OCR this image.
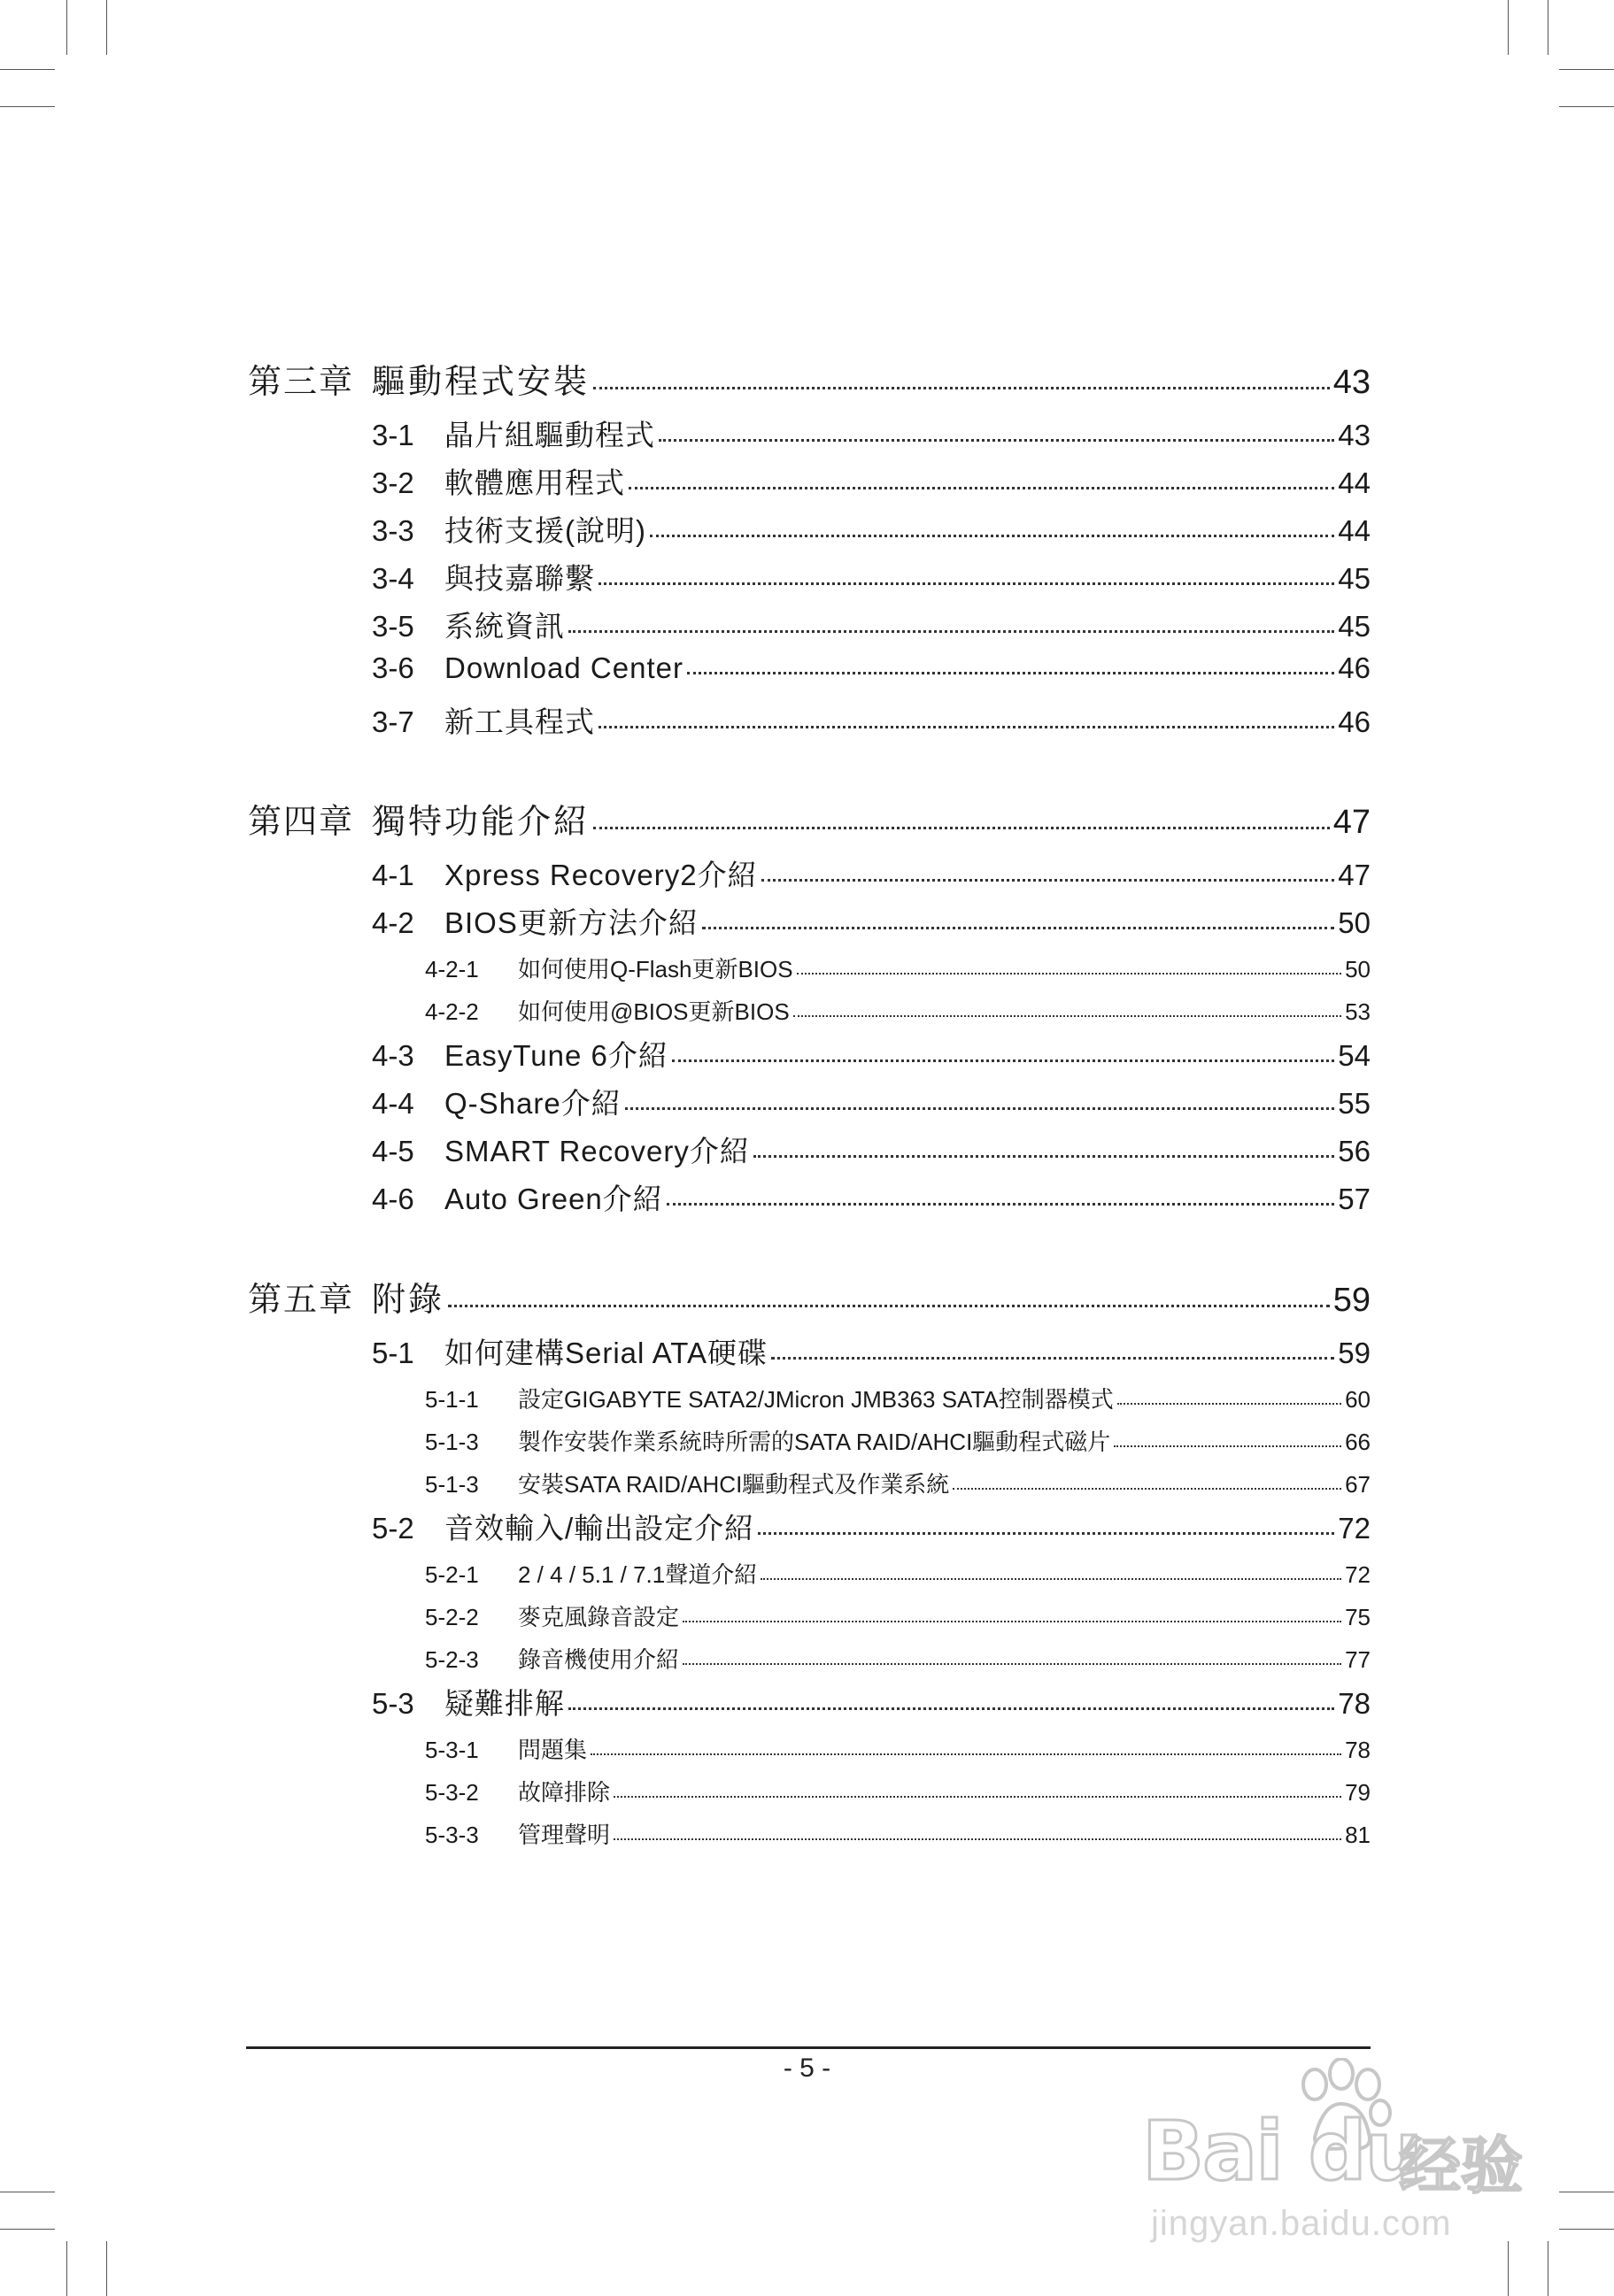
第三章 驅動程式安裝	43
3-1	晶片組驅動程式	43
3-2	軟體應用程式	44
3-3	技術支援(說明)	44
3-4	與技嘉聯繫	45
3-5	系統資訊	45
3-6	Download Center	46
3-7	新工具程式	46
第四章 獨特功能介紹	47
4-1	Xpress Recovery2介紹	47
4-2	BIOS更新方法介紹	50
4-2-1	如何使用Q-Flash更新BIOS	50
4-2-2	如何使用@BIOS更新BIOS	53
4-3	EasyTune 6介紹	54
4-4	Q-Share介紹	55
4-5	SMART Recovery介紹	56
4-6	Auto Green介紹	57
第五章 附錄	59
5-1	如何建構Serial ATA硬碟	59
5-1-1	設定GIGABYTE SATA2/JMicron JMB363 SATA控制器模式	60
5-1-3	製作安裝作業系統時所需的SATA RAID/AHCI驅動程式磁片	66
5-1-3	安裝SATA RAID/AHCI驅動程式及作業系統	67
5-2	音效輸入/輸出設定介紹	72
5-2-1	2 / 4 / 5.1 / 7.1聲道介紹	72
5-2-2	麥克風錄音設定	75
5-2-3	錄音機使用介紹	77
5-3	疑難排解	78
5-3-1	問題集	78
5-3-2	故障排除	79
5-3-3	管理聲明	81
- 5 -
Bai du
经验
jingyan.baidu.com
